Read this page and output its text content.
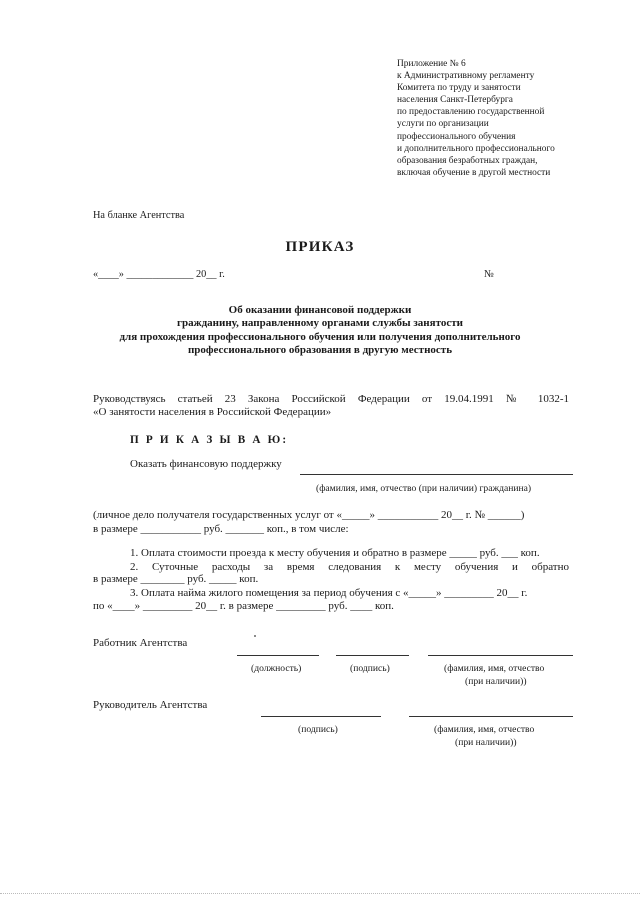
Приложение № 6
к Административному регламенту
Комитета по труду и занятости
населения Санкт-Петербурга
по предоставлению государственной
услуги по организации
профессионального обучения
и дополнительного профессионального
образования безработных граждан,
включая обучение в другой местности
На бланке Агентства
ПРИКАЗ
«____» _____________ 20__ г.	№
Об оказании финансовой поддержки
гражданину, направленному органами службы занятости
для прохождения профессионального обучения или получения дополнительного
профессионального образования в другую местность
Руководствуясь статьей 23 Закона Российской Федерации от 19.04.1991 № 1032-1
«О занятости населения в Российской Федерации»
П Р И К А З Ы В А Ю:
Оказать финансовую поддержку
(фамилия, имя, отчество (при наличии) гражданина)
(личное дело получателя государственных услуг от «_____» ___________ 20__ г. № ______)
в размере ___________ руб. _______ коп., в том числе:
1. Оплата стоимости проезда к месту обучения и обратно в размере _____ руб. ___ коп.
2. Суточные расходы за время следования к месту обучения и обратно
в размере ________ руб. _____ коп.
3. Оплата найма жилого помещения за период обучения с «_____» _________ 20__ г.
по «____» _________ 20__ г. в размере _________ руб. ____ коп.
Работник Агентства
(должность)	(подпись)	(фамилия, имя, отчество
(при наличии))
Руководитель Агентства
(подпись)	(фамилия, имя, отчество
(при наличии))
